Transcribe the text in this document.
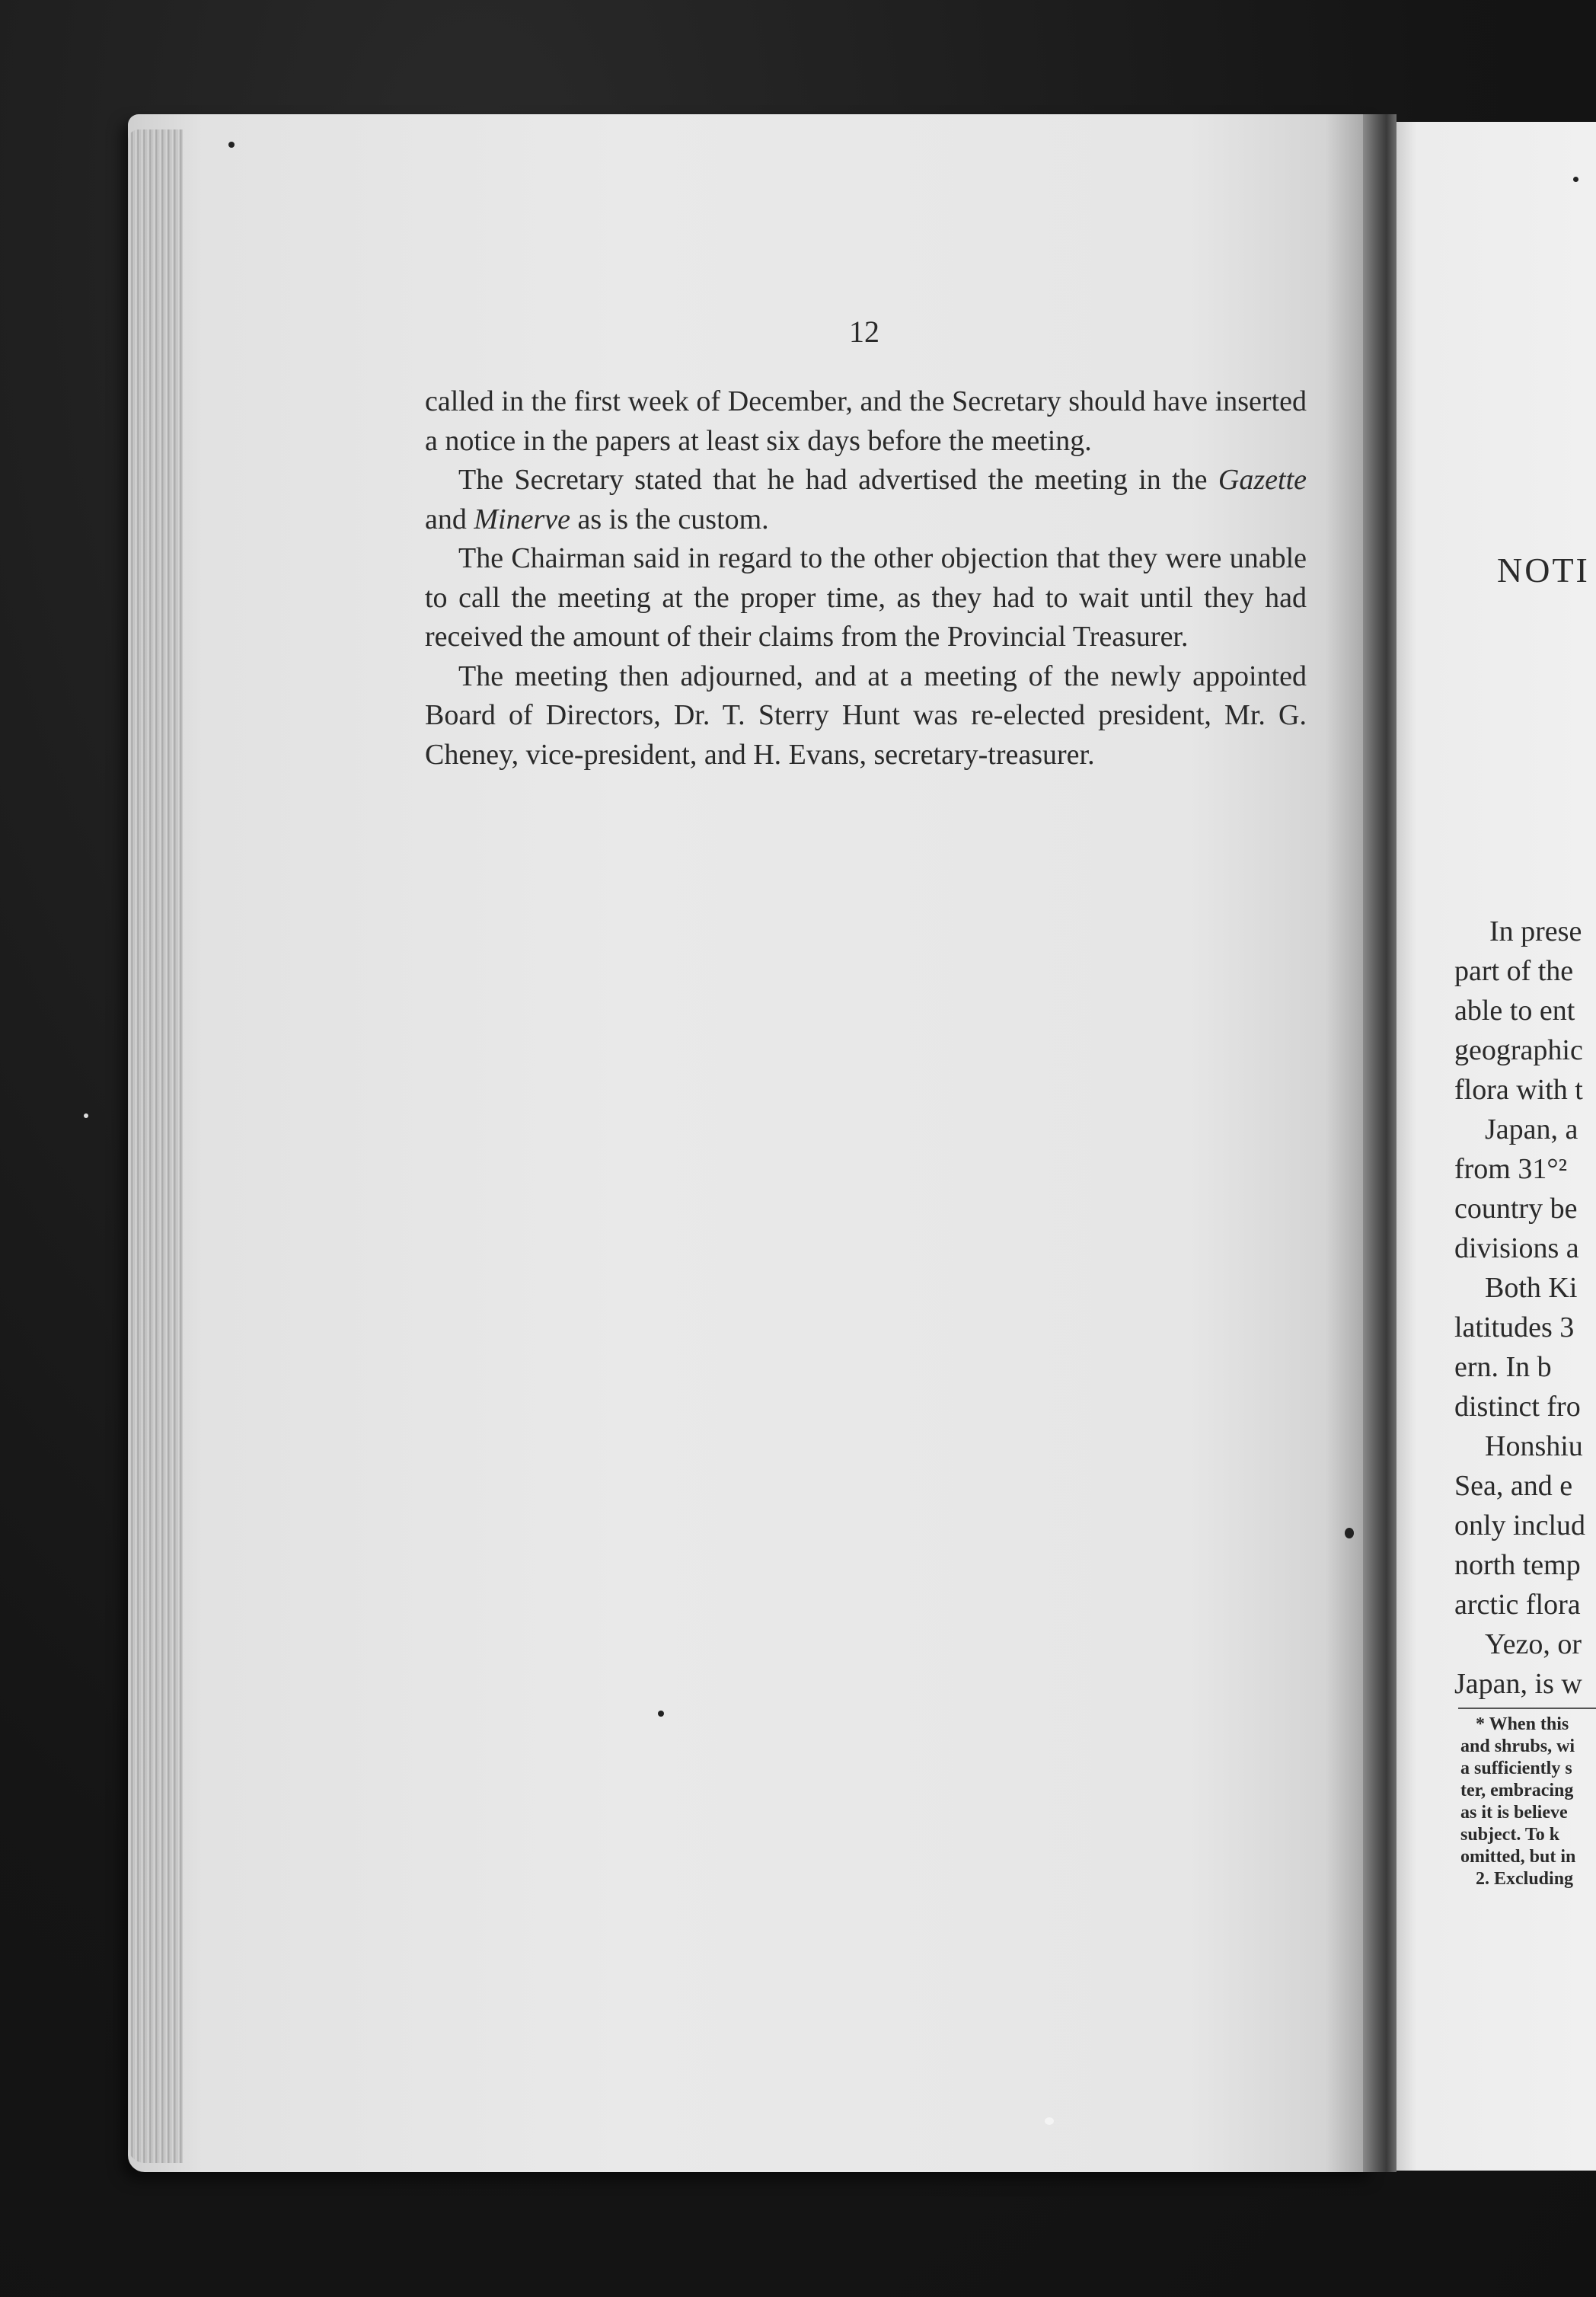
12

called in the first week of December, and the Secretary should have inserted a notice in the papers at least six days before the meeting.

The Secretary stated that he had advertised the meeting in the Gazette and Minerve as is the custom.

The Chairman said in regard to the other objection that they were unable to call the meeting at the proper time, as they had to wait until they had received the amount of their claims from the Provincial Treasurer.

The meeting then adjourned, and at a meeting of the newly appointed Board of Directors, Dr. T. Sterry Hunt was re-elected president, Mr. G. Cheney, vice-president, and H. Evans, secretary-treasurer.

NOTI
In prese
part of the
able to ent
geographic
flora with t
Japan, a
from 31°²
country be
divisions a
Both Ki
latitudes 3
ern. In b
distinct fro
Honshiu
Sea, and e
only includ
north temp
arctic flora
Yezo, or
Japan, is w
* When this
and shrubs, wi
a sufficiently s
ter, embracing
as it is believe
subject. To k
omitted, but in
2. Excluding
